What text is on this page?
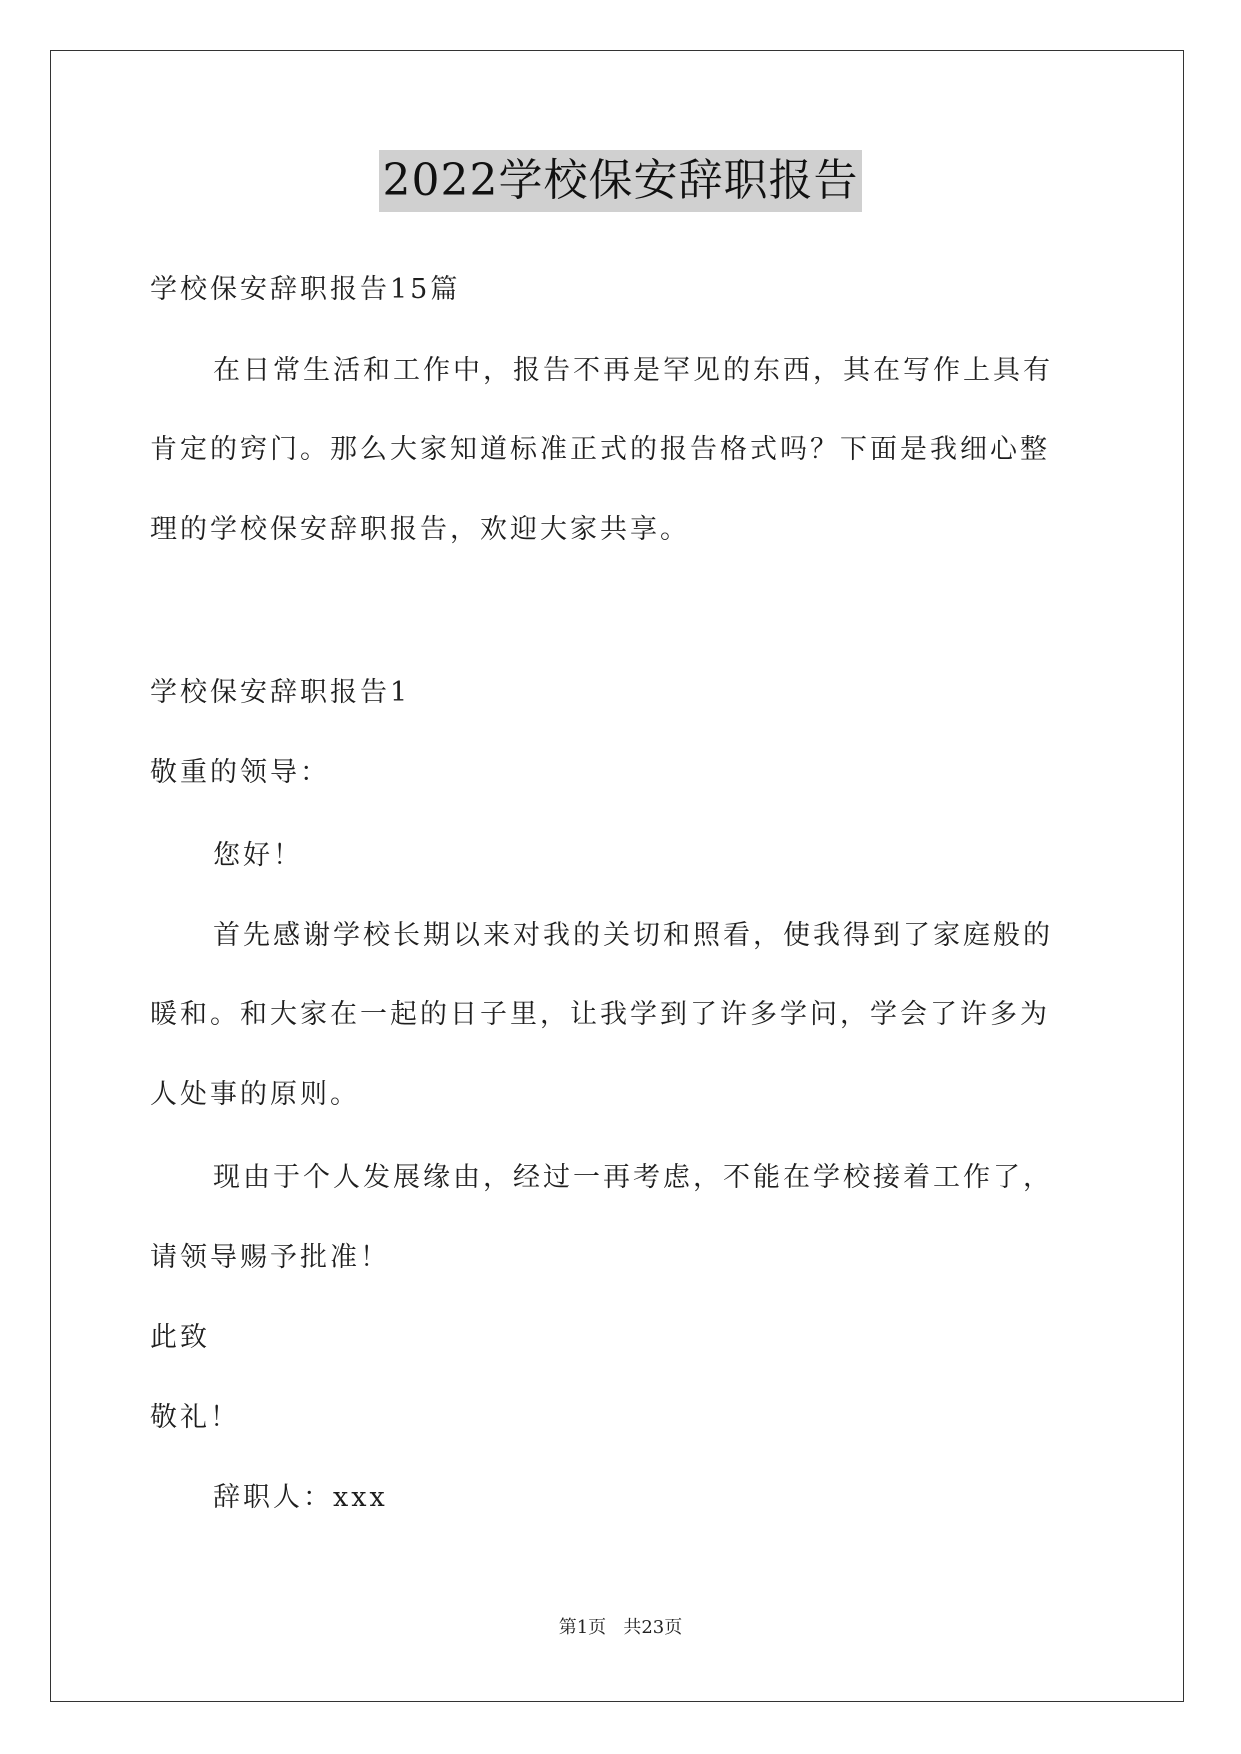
2022学校保安辞职报告
学校保安辞职报告15篇
在日常生活和工作中，报告不再是罕见的东西，其在写作上具有
肯定的窍门。那么大家知道标准正式的报告格式吗？下面是我细心整
理的学校保安辞职报告，欢迎大家共享。
学校保安辞职报告1
敬重的领导：
您好！
首先感谢学校长期以来对我的关切和照看，使我得到了家庭般的
暖和。和大家在一起的日子里，让我学到了许多学问，学会了许多为
人处事的原则。
现由于个人发展缘由，经过一再考虑，不能在学校接着工作了，
请领导赐予批准！
此致
敬礼！
辞职人：xxx
第1页 共23页
